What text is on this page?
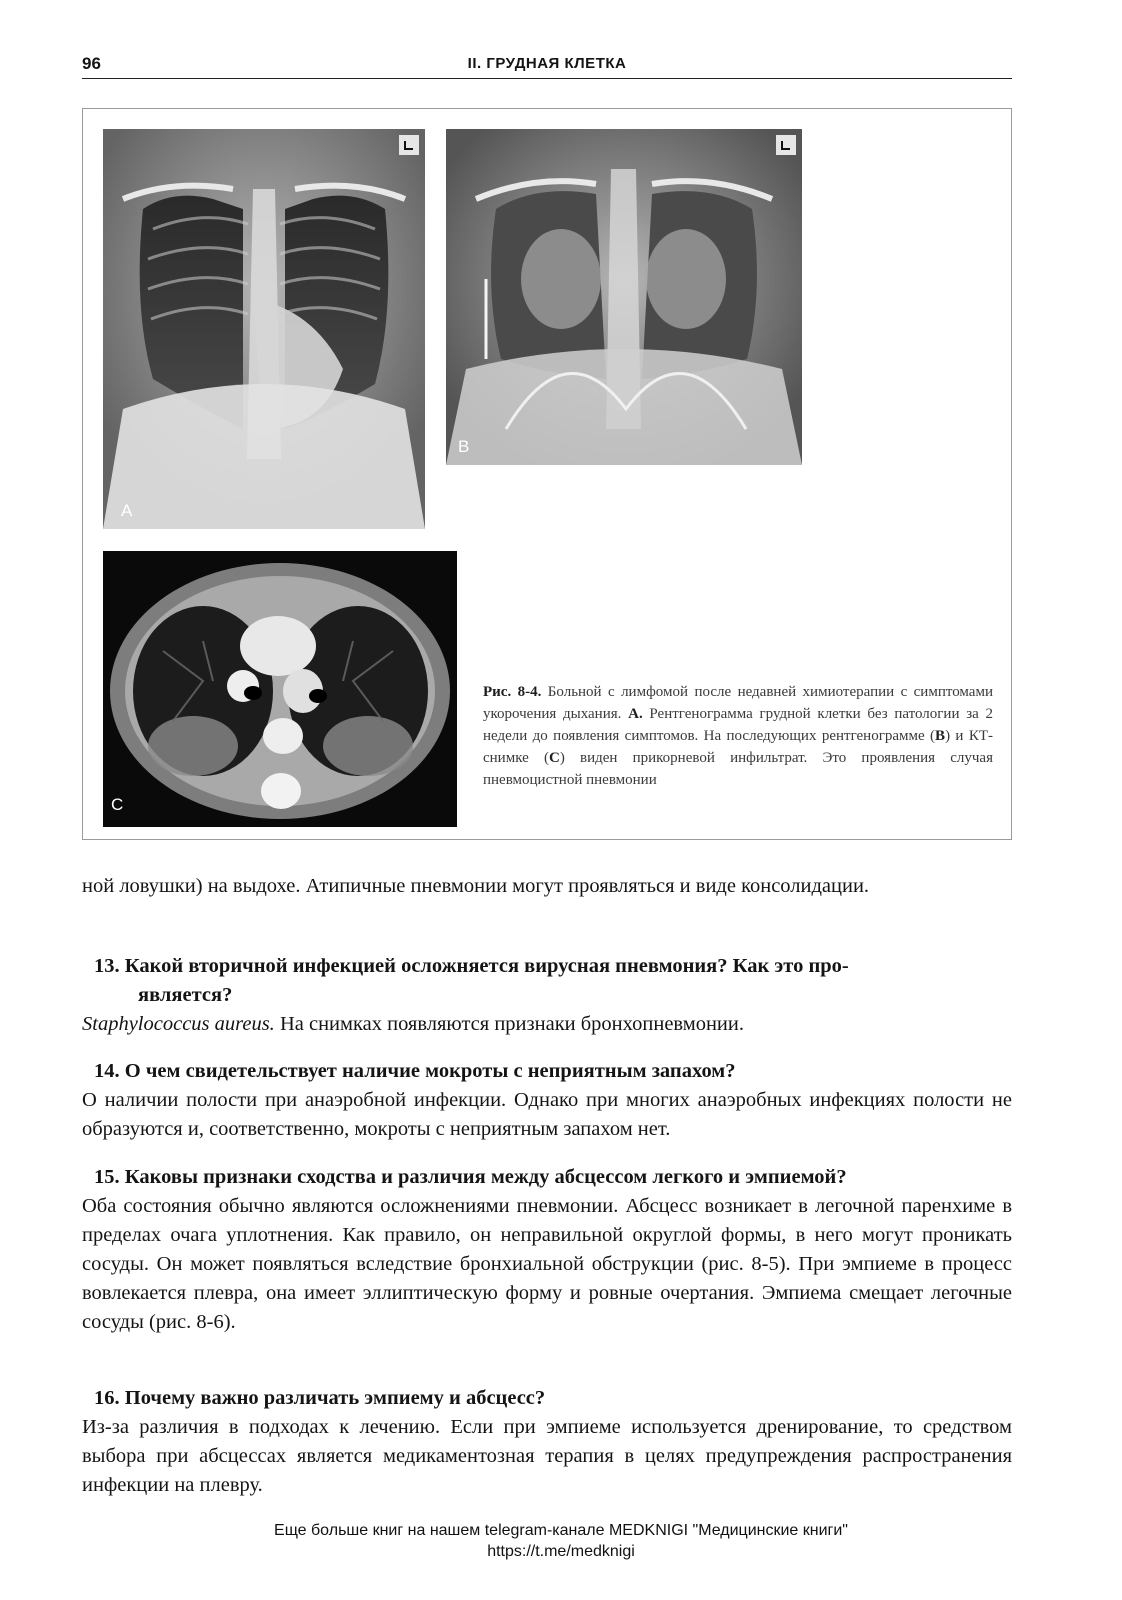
96	II. ГРУДНАЯ КЛЕТКА
A
B
C
Рис. 8-4. Больной с лимфомой после недавней химиотерапии с симптомами укорочения дыхания. А. Рентгенограмма грудной клетки без патологии за 2 недели до появления симптомов. На последующих рентгенограмме (В) и КТ-снимке (С) виден прикорневой инфильтрат. Это проявления случая пневмоцистной пневмонии
ной ловушки) на выдохе. Атипичные пневмонии могут проявляться и виде консолидации.
13. Какой вторичной инфекцией осложняется вирусная пневмония? Как это про-
является?
Staphylococcus aureus. На снимках появляются признаки бронхопневмонии.
14. О чем свидетельствует наличие мокроты с неприятным запахом?
О наличии полости при анаэробной инфекции. Однако при многих анаэробных инфекциях полости не образуются и, соответственно, мокроты с неприятным запахом нет.
15. Каковы признаки сходства и различия между абсцессом легкого и эмпиемой?
Оба состояния обычно являются осложнениями пневмонии. Абсцесс возникает в легочной паренхиме в пределах очага уплотнения. Как правило, он неправильной округлой формы, в него могут проникать сосуды. Он может появляться вследствие бронхиальной обструкции (рис. 8-5). При эмпиеме в процесс вовлекается плевра, она имеет эллиптическую форму и ровные очертания. Эмпиема смещает легочные сосуды (рис. 8-6).
16. Почему важно различать эмпиему и абсцесс?
Из-за различия в подходах к лечению. Если при эмпиеме используется дренирование, то средством выбора при абсцессах является медикаментозная терапия в целях предупреждения распространения инфекции на плевру.
Еще больше книг на нашем telegram-канале MEDKNIGI "Медицинские книги"
https://t.me/medknigi
